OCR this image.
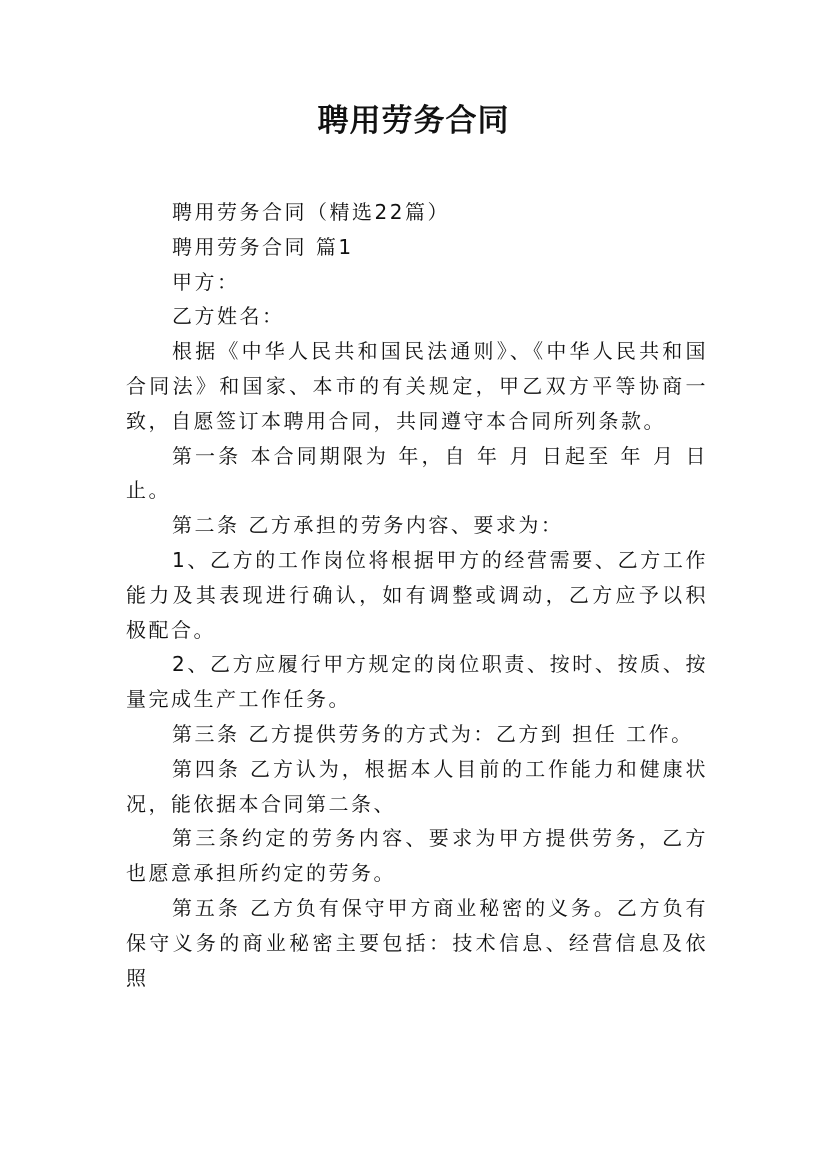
聘用劳务合同

聘用劳务合同（精选22篇）

聘用劳务合同 篇1

甲方：

乙方姓名：

根据《中华人民共和国民法通则》、《中华人民共和国合同法》和国家、本市的有关规定，甲乙双方平等协商一致，自愿签订本聘用合同，共同遵守本合同所列条款。

第一条 本合同期限为 年，自 年 月 日起至 年 月 日止。

第二条 乙方承担的劳务内容、要求为：

1、乙方的工作岗位将根据甲方的经营需要、乙方工作能力及其表现进行确认，如有调整或调动，乙方应予以积极配合。

2、乙方应履行甲方规定的岗位职责、按时、按质、按量完成生产工作任务。

第三条 乙方提供劳务的方式为：乙方到 担任 工作。

第四条 乙方认为，根据本人目前的工作能力和健康状况，能依据本合同第二条、

第三条约定的劳务内容、要求为甲方提供劳务，乙方也愿意承担所约定的劳务。

第五条 乙方负有保守甲方商业秘密的义务。乙方负有保守义务的商业秘密主要包括：技术信息、经营信息及依照
